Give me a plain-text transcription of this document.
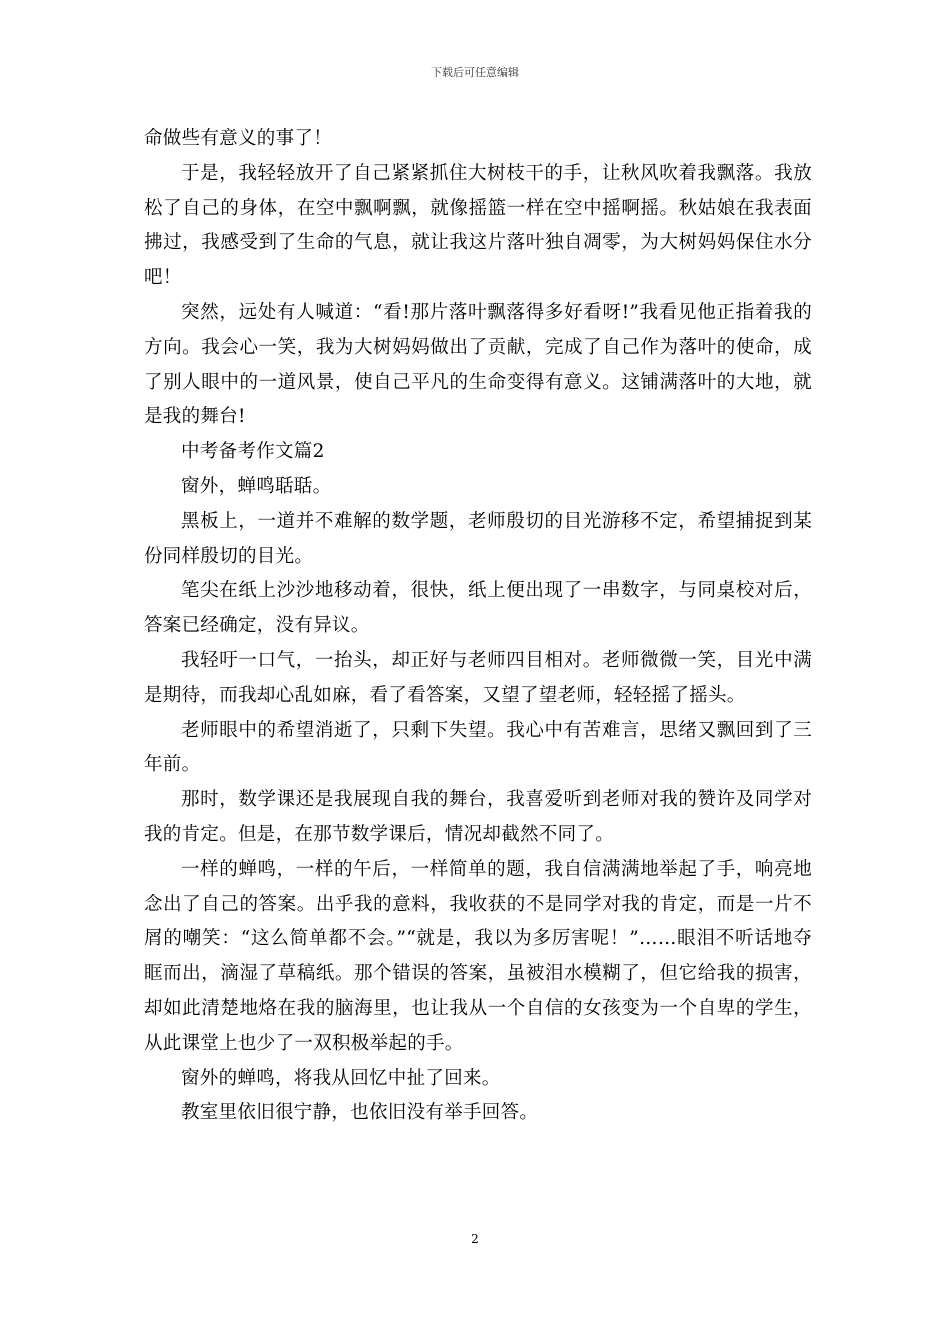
下载后可任意编辑

命做些有意义的事了！

于是，我轻轻放开了自己紧紧抓住大树枝干的手，让秋风吹着我飘落。我放松了自己的身体，在空中飘啊飘，就像摇篮一样在空中摇啊摇。秋姑娘在我表面拂过，我感受到了生命的气息，就让我这片落叶独自凋零，为大树妈妈保住水分吧！

突然，远处有人喊道：“看!那片落叶飘落得多好看呀!”我看见他正指着我的方向。我会心一笑，我为大树妈妈做出了贡献，完成了自己作为落叶的使命，成了别人眼中的一道风景，使自己平凡的生命变得有意义。这铺满落叶的大地，就是我的舞台!

中考备考作文篇2

窗外，蝉鸣聒聒。

黑板上，一道并不难解的数学题，老师殷切的目光游移不定，希望捕捉到某份同样殷切的目光。

笔尖在纸上沙沙地移动着，很快，纸上便出现了一串数字，与同桌校对后，答案已经确定，没有异议。

我轻吁一口气，一抬头，却正好与老师四目相对。老师微微一笑，目光中满是期待，而我却心乱如麻，看了看答案，又望了望老师，轻轻摇了摇头。

老师眼中的希望消逝了，只剩下失望。我心中有苦难言，思绪又飘回到了三年前。

那时，数学课还是我展现自我的舞台，我喜爱听到老师对我的赞许及同学对我的肯定。但是，在那节数学课后，情况却截然不同了。

一样的蝉鸣，一样的午后，一样简单的题，我自信满满地举起了手，响亮地念出了自己的答案。出乎我的意料，我收获的不是同学对我的肯定，而是一片不屑的嘲笑：“这么简单都不会。”“就是，我以为多厉害呢！”……眼泪不听话地夺眶而出，滴湿了草稿纸。那个错误的答案，虽被泪水模糊了，但它给我的损害，却如此清楚地烙在我的脑海里，也让我从一个自信的女孩变为一个自卑的学生，从此课堂上也少了一双积极举起的手。

窗外的蝉鸣，将我从回忆中扯了回来。

教室里依旧很宁静，也依旧没有举手回答。

2
